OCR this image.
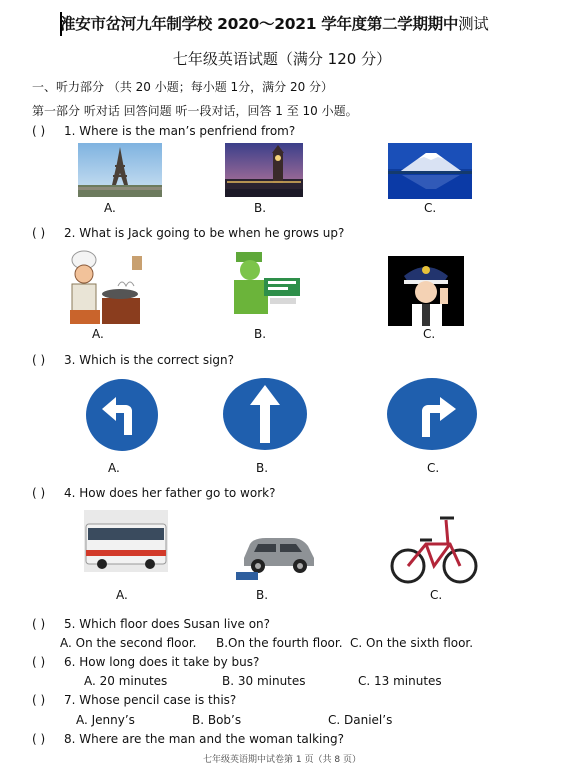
淮安市岔河九年制学校 2020～2021 学年度第二学期期中测试
七年级英语试题（满分 120 分）
一、听力部分 （共 20 小题；每小题 1分，满分 20 分）
第一部分 听对话 回答问题 听一段对话，回答 1 至 10 小题。
( ) 1. Where is the man’s penfriend from?
A.	B.	C.
( ) 2. What is Jack going to be when he grows up?
A.	B.	C.
( ) 3. Which is the correct sign?
A.	B.	C.
( ) 4. How does her father go to work?
A.	B.	C.
( ) 5. Which floor does Susan live on?
A. On the second floor. B.On the fourth floor. C. On the sixth floor.
( ) 6. How long does it take by bus?
A. 20 minutes	B. 30 minutes	C. 13 minutes
( ) 7. Whose pencil case is this?
A. Jenny’s	B. Bob’s	C. Daniel’s
( ) 8. Where are the man and the woman talking?
七年级英语期中试卷第 1 页（共 8 页）
